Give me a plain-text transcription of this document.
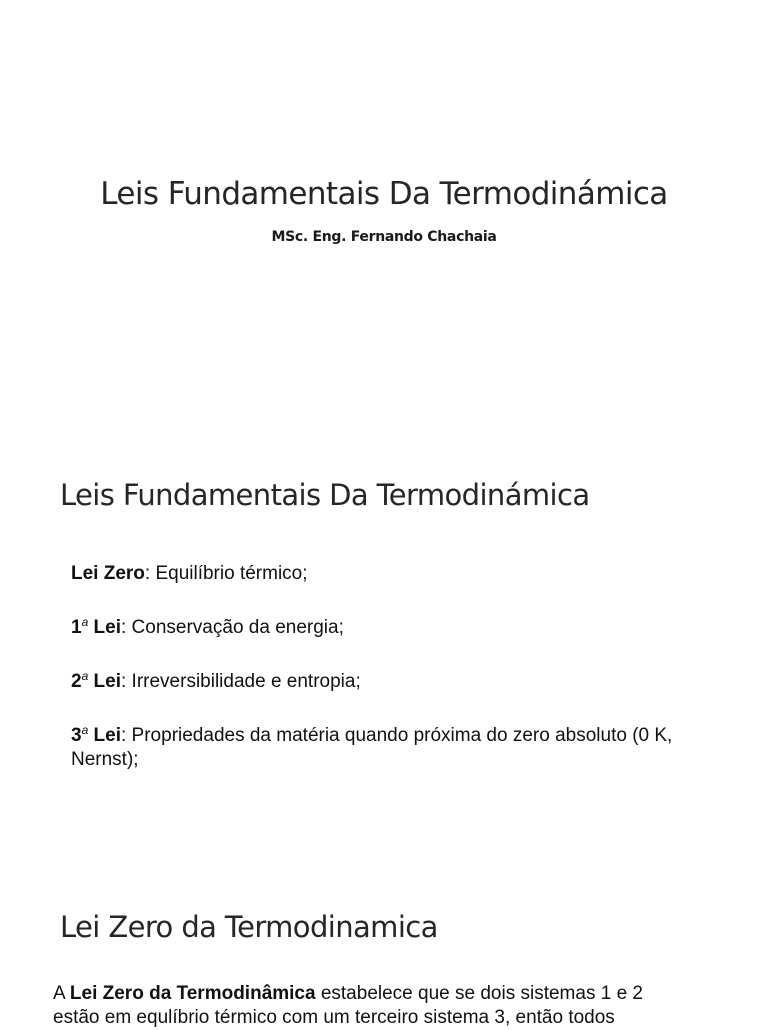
Leis Fundamentais Da Termodinámica
MSc. Eng. Fernando Chachaia
Leis Fundamentais Da Termodinámica

Lei Zero: Equilíbrio térmico;

1$^a$ Lei: Conservação da energia;

2$^a$ Lei: Irreversibilidade e entropia;

3$^a$ Lei: Propriedades da matéria quando próxima do zero absoluto (0 K, Nernst);

Lei Zero da Termodinamica

A Lei Zero da Termodinâmica estabelece que se dois sistemas 1 e 2 estão em equlíbrio térmico com um terceiro sistema 3, então todos
